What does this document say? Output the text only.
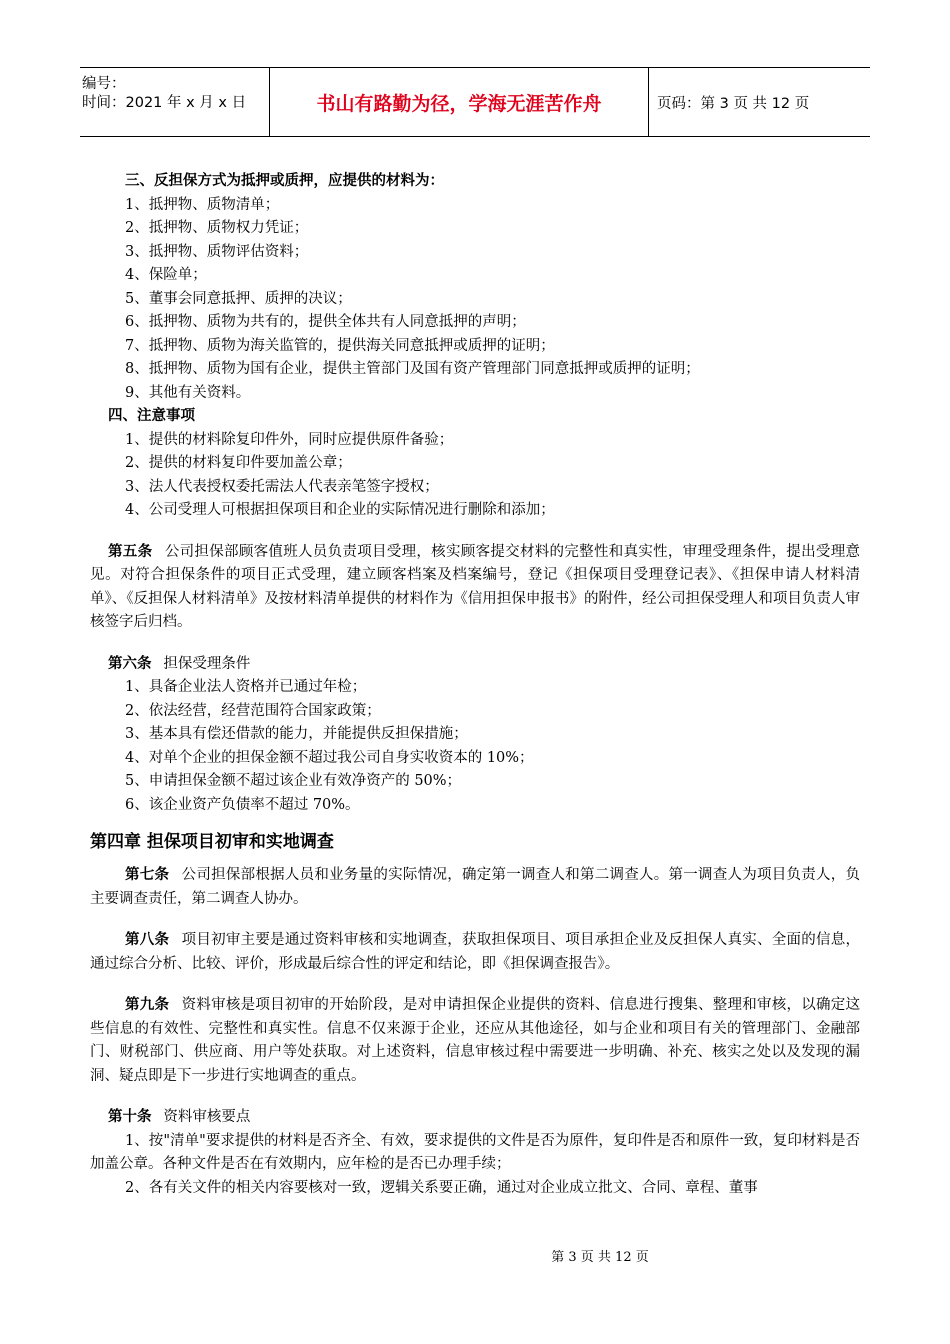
编号：
时间：2021 年 x 月 x 日	书山有路勤为径，学海无涯苦作舟	页码：第 3 页 共 12 页
三、反担保方式为抵押或质押，应提供的材料为：
1、抵押物、质物清单；
2、抵押物、质物权力凭证；
3、抵押物、质物评估资料；
4、保险单；
5、董事会同意抵押、质押的决议；
6、抵押物、质物为共有的，提供全体共有人同意抵押的声明；
7、抵押物、质物为海关监管的，提供海关同意抵押或质押的证明；
8、抵押物、质物为国有企业，提供主管部门及国有资产管理部门同意抵押或质押的证明；
9、其他有关资料。
四、注意事项
1、提供的材料除复印件外，同时应提供原件备验；
2、提供的材料复印件要加盖公章；
3、法人代表授权委托需法人代表亲笔签字授权；
4、公司受理人可根据担保项目和企业的实际情况进行删除和添加；
第五条   公司担保部顾客值班人员负责项目受理，核实顾客提交材料的完整性和真实性，审理受理条件，提出受理意见。对符合担保条件的项目正式受理，建立顾客档案及档案编号，登记《担保项目受理登记表》、《担保申请人材料清单》、《反担保人材料清单》及按材料清单提供的材料作为《信用担保申报书》的附件，经公司担保受理人和项目负责人审核签字后归档。
第六条   担保受理条件
1、具备企业法人资格并已通过年检；
2、依法经营，经营范围符合国家政策；
3、基本具有偿还借款的能力，并能提供反担保措施；
4、对单个企业的担保金额不超过我公司自身实收资本的 10%；
5、申请担保金额不超过该企业有效净资产的 50%；
6、该企业资产负债率不超过 70%。
第四章 担保项目初审和实地调查
第七条   公司担保部根据人员和业务量的实际情况，确定第一调查人和第二调查人。第一调查人为项目负责人，负主要调查责任，第二调查人协办。
第八条   项目初审主要是通过资料审核和实地调查，获取担保项目、项目承担企业及反担保人真实、全面的信息，通过综合分析、比较、评价，形成最后综合性的评定和结论，即《担保调查报告》。
第九条   资料审核是项目初审的开始阶段，是对申请担保企业提供的资料、信息进行搜集、整理和审核，以确定这些信息的有效性、完整性和真实性。信息不仅来源于企业，还应从其他途径，如与企业和项目有关的管理部门、金融部门、财税部门、供应商、用户等处获取。对上述资料，信息审核过程中需要进一步明确、补充、核实之处以及发现的漏洞、疑点即是下一步进行实地调查的重点。
第十条   资料审核要点
1、按"清单"要求提供的材料是否齐全、有效，要求提供的文件是否为原件，复印件是否和原件一致，复印材料是否加盖公章。各种文件是否在有效期内，应年检的是否已办理手续；
2、各有关文件的相关内容要核对一致，逻辑关系要正确，通过对企业成立批文、合同、章程、董事
第 3 页 共 12 页
